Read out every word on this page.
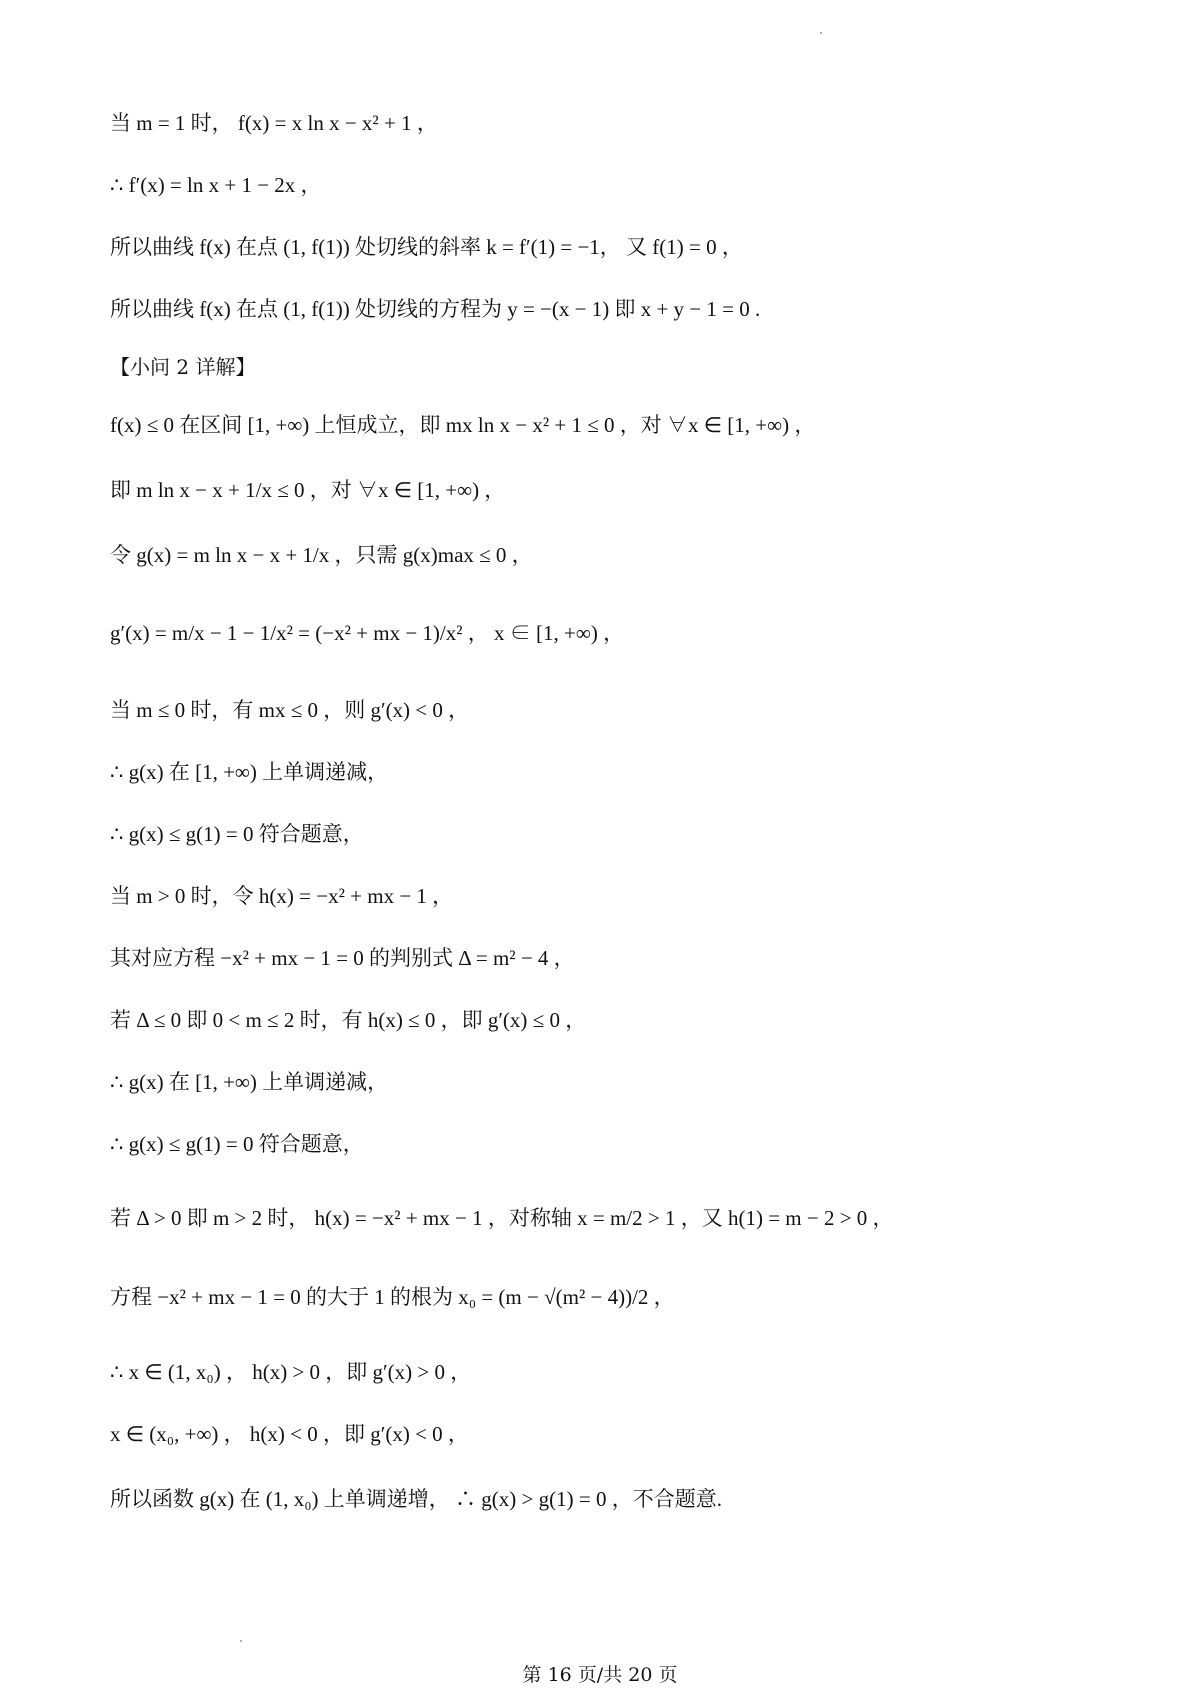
当 m = 1 时， f(x) = x ln x − x² + 1 ，
∴ f′(x) = ln x + 1 − 2x ，
所以曲线 f(x) 在点 (1, f(1)) 处切线的斜率 k = f′(1) = −1， 又 f(1) = 0 ，
所以曲线 f(x) 在点 (1, f(1)) 处切线的方程为 y = −(x − 1) 即 x + y − 1 = 0 .
【小问 2 详解】
f(x) ≤ 0 在区间 [1, +∞) 上恒成立，即 mx ln x − x² + 1 ≤ 0 ，对 ∀x ∈ [1, +∞) ，
即 m ln x − x + 1/x ≤ 0 ，对 ∀x ∈ [1, +∞) ，
令 g(x) = m ln x − x + 1/x ，只需 g(x)max ≤ 0 ，
g′(x) = m/x − 1 − 1/x² = (−x² + mx − 1)/x² ， x ∈ [1, +∞) ，
当 m ≤ 0 时，有 mx ≤ 0 ，则 g′(x) < 0 ，
∴ g(x) 在 [1, +∞) 上单调递减，
∴ g(x) ≤ g(1) = 0 符合题意，
当 m > 0 时，令 h(x) = −x² + mx − 1 ，
其对应方程 −x² + mx − 1 = 0 的判别式 Δ = m² − 4 ，
若 Δ ≤ 0 即 0 < m ≤ 2 时，有 h(x) ≤ 0 ，即 g′(x) ≤ 0 ，
∴ g(x) 在 [1, +∞) 上单调递减，
∴ g(x) ≤ g(1) = 0 符合题意，
若 Δ > 0 即 m > 2 时， h(x) = −x² + mx − 1 ，对称轴 x = m/2 > 1 ，又 h(1) = m − 2 > 0 ，
方程 −x² + mx − 1 = 0 的大于 1 的根为 x₀ = (m − √(m² − 4))/2 ，
∴ x ∈ (1, x₀) ， h(x) > 0 ，即 g′(x) > 0 ，
x ∈ (x₀, +∞) ， h(x) < 0 ，即 g′(x) < 0 ，
所以函数 g(x) 在 (1, x₀) 上单调递增， ∴ g(x) > g(1) = 0 ，不合题意.
第 16 页/共 20 页
